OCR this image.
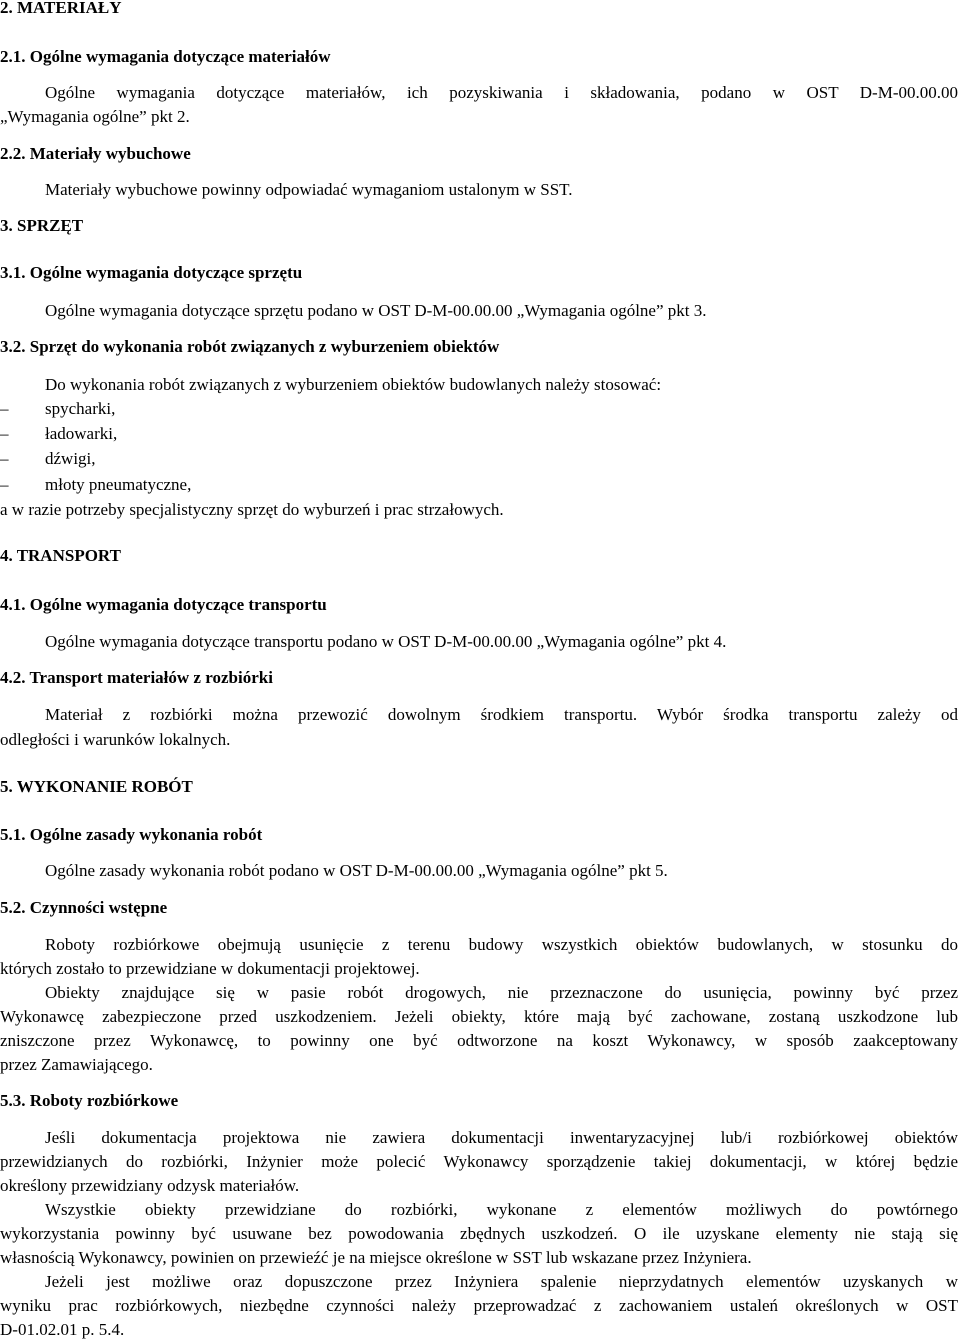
2. MATERIAŁY
2.1. Ogólne wymagania dotyczące materiałów
Ogólne wymagania dotyczące materiałów, ich pozyskiwania i składowania, podano w OST D-M-00.00.00
„Wymagania ogólne” pkt 2.
2.2. Materiały wybuchowe
Materiały wybuchowe powinny odpowiadać wymaganiom ustalonym w SST.
3. SPRZĘT
3.1. Ogólne wymagania dotyczące sprzętu
Ogólne wymagania dotyczące sprzętu podano w OST D-M-00.00.00 „Wymagania ogólne” pkt 3.
3.2. Sprzęt do wykonania robót związanych z wyburzeniem obiektów
Do wykonania robót związanych z wyburzeniem obiektów budowlanych należy stosować:
– spycharki,
– ładowarki,
– dźwigi,
– młoty pneumatyczne,
a w razie potrzeby specjalistyczny sprzęt do wyburzeń i prac strzałowych.
4. TRANSPORT
4.1. Ogólne wymagania dotyczące transportu
Ogólne wymagania dotyczące transportu podano w OST D-M-00.00.00 „Wymagania ogólne” pkt 4.
4.2. Transport materiałów z rozbiórki
Materiał z rozbiórki można przewozić dowolnym środkiem transportu. Wybór środka transportu zależy od
odległości i warunków lokalnych.
5. WYKONANIE ROBÓT
5.1. Ogólne zasady wykonania robót
Ogólne zasady wykonania robót podano w OST D-M-00.00.00 „Wymagania ogólne” pkt 5.
5.2. Czynności wstępne
Roboty rozbiórkowe obejmują usunięcie z terenu budowy wszystkich obiektów budowlanych, w stosunku do
których zostało to przewidziane w dokumentacji projektowej.
Obiekty znajdujące się w pasie robót drogowych, nie przeznaczone do usunięcia, powinny być przez
Wykonawcę zabezpieczone przed uszkodzeniem. Jeżeli obiekty, które mają być zachowane, zostaną uszkodzone lub
zniszczone przez Wykonawcę, to powinny one być odtworzone na koszt Wykonawcy, w sposób zaakceptowany
przez Zamawiającego.
5.3. Roboty rozbiórkowe
Jeśli dokumentacja projektowa nie zawiera dokumentacji inwentaryzacyjnej lub/i rozbiórkowej obiektów
przewidzianych do rozbiórki, Inżynier może polecić Wykonawcy sporządzenie takiej dokumentacji, w której będzie
określony przewidziany odzysk materiałów.
Wszystkie obiekty przewidziane do rozbiórki, wykonane z elementów możliwych do powtórnego
wykorzystania powinny być usuwane bez powodowania zbędnych uszkodzeń. O ile uzyskane elementy nie stają się
własnością Wykonawcy, powinien on przewieźć je na miejsce określone w SST lub wskazane przez Inżyniera.
Jeżeli jest możliwe oraz dopuszczone przez Inżyniera spalenie nieprzydatnych elementów uzyskanych w
wyniku prac rozbiórkowych, niezbędne czynności należy przeprowadzać z zachowaniem ustaleń określonych w OST
D-01.02.01 p. 5.4.
